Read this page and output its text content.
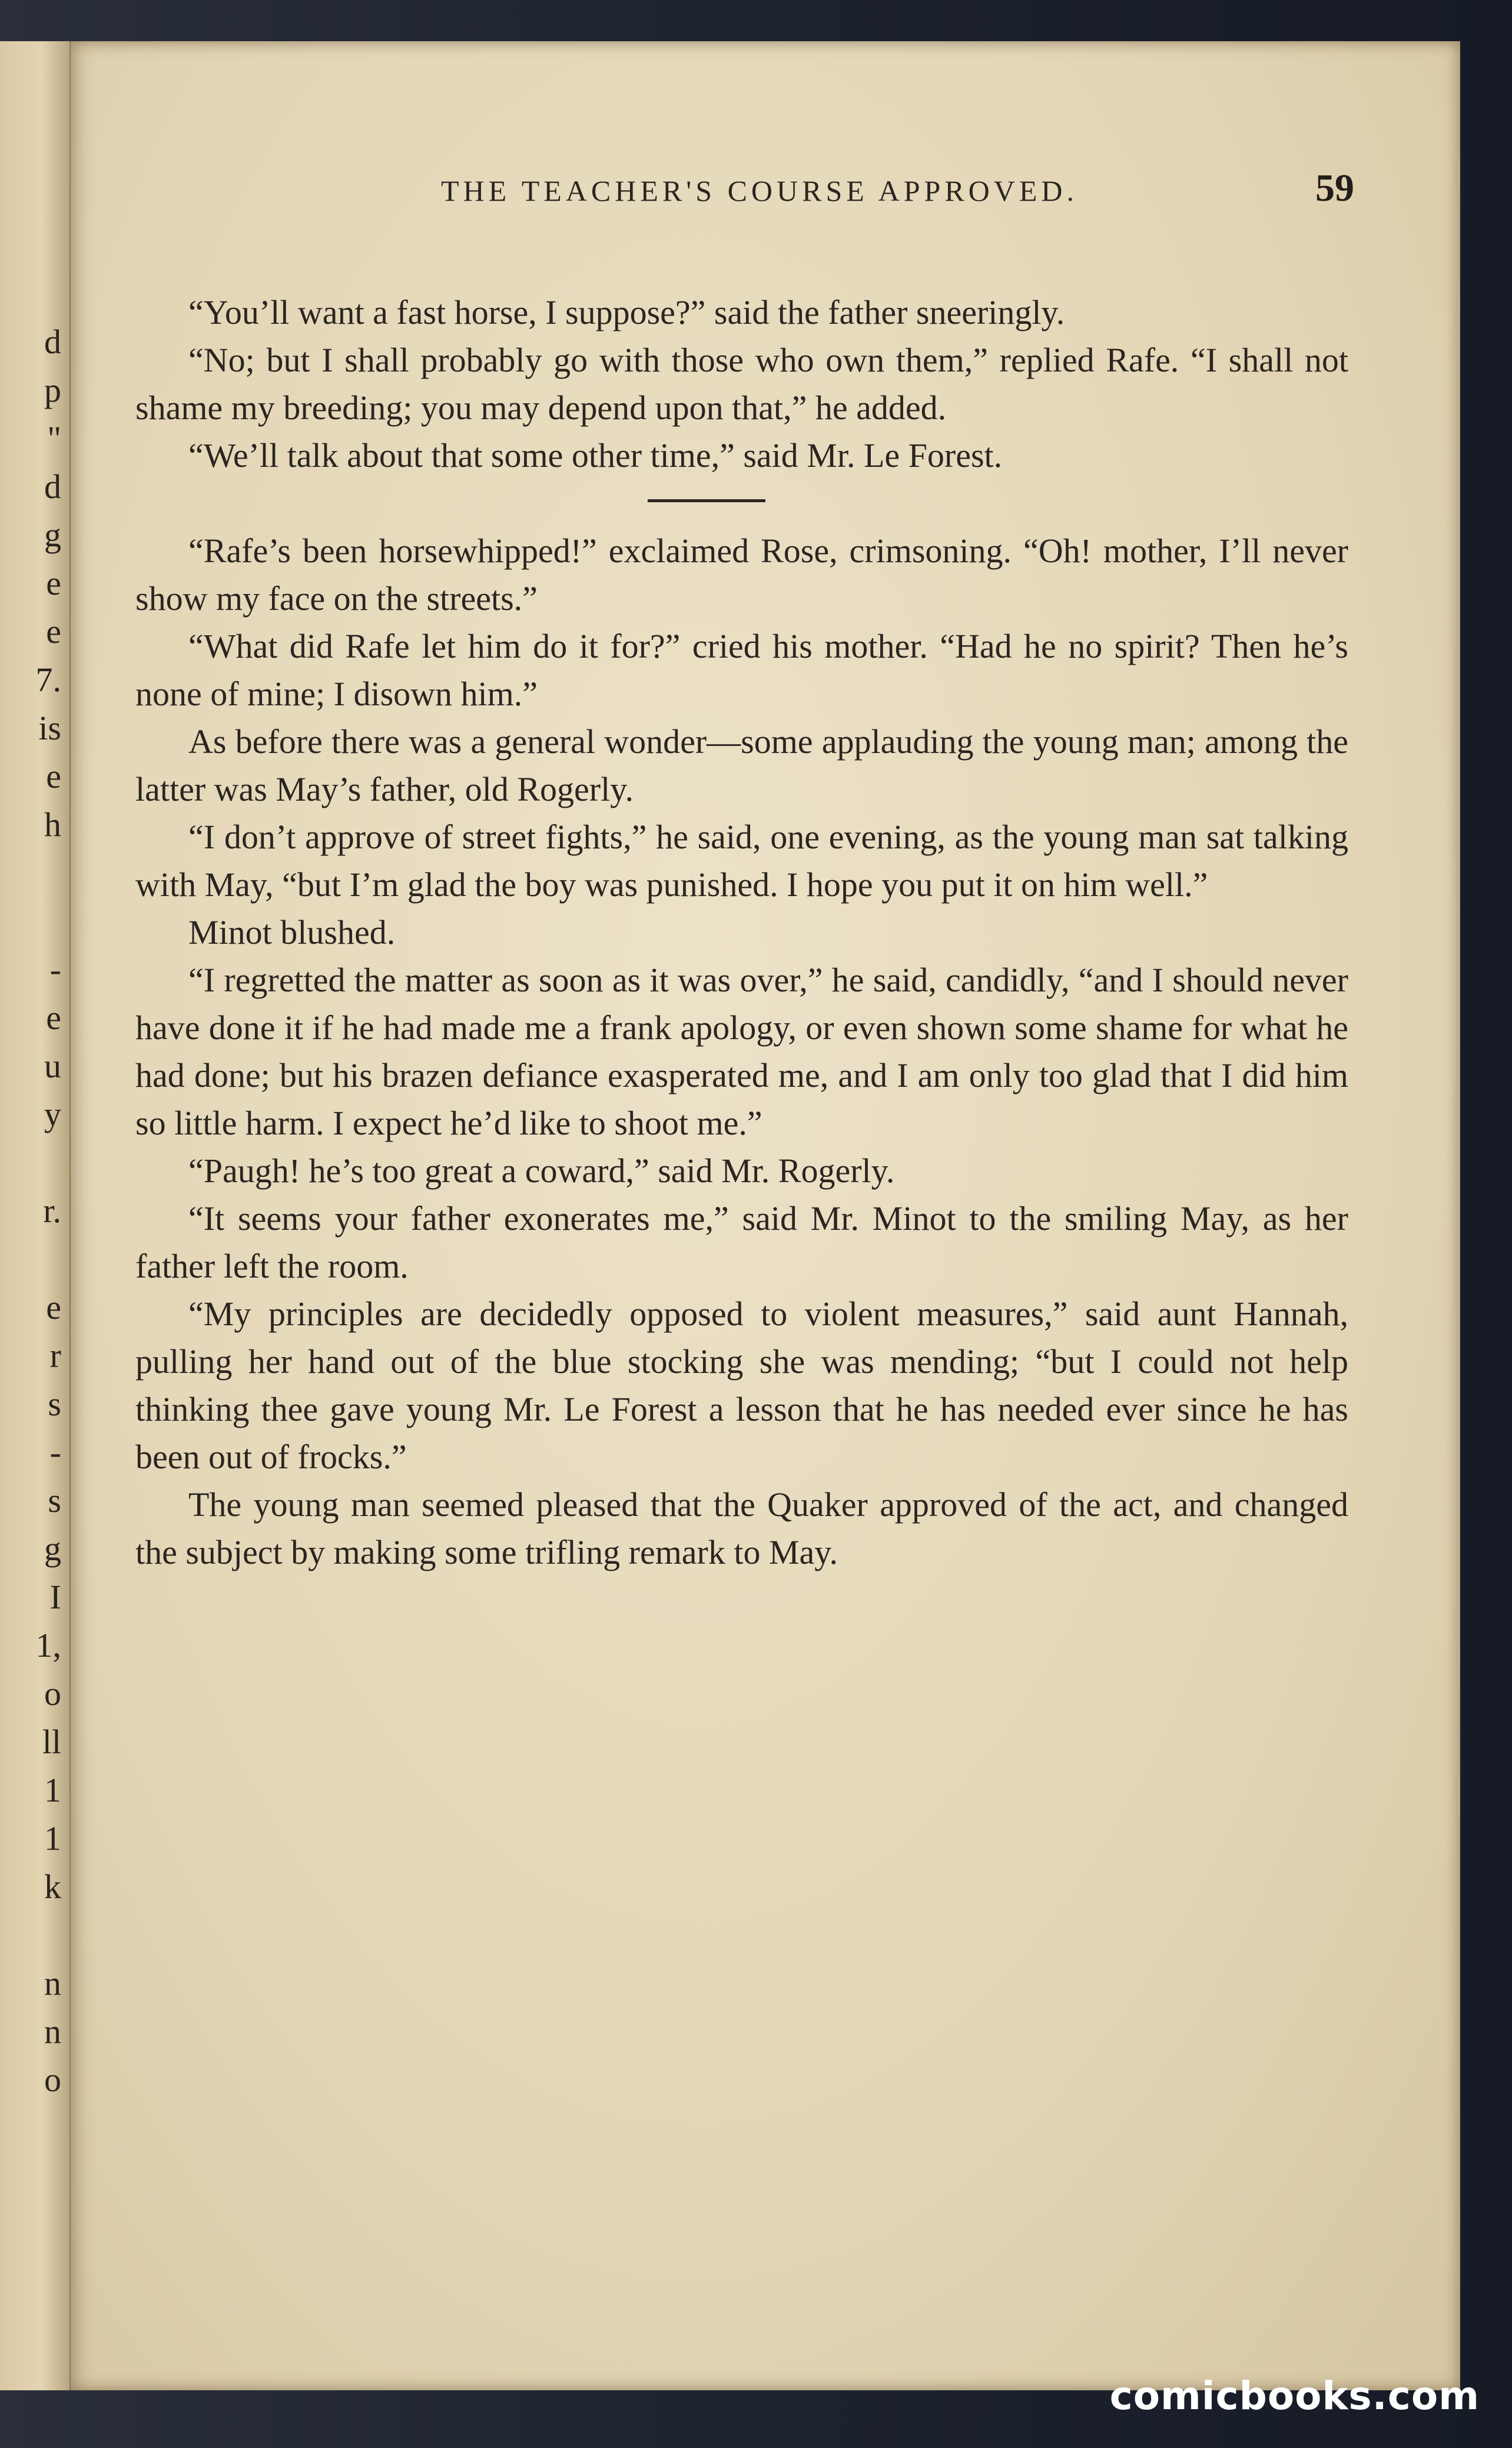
d
p
"
d
g
e
e
7.
is
e
h
-
e
u
y
r.
e
r
s
-
s
g
I
1,
o
ll
1
1
k
n
n
o
THE TEACHER'S COURSE APPROVED.	59

“You’ll want a fast horse, I suppose?” said the father sneeringly.

“No; but I shall probably go with those who own them,” replied Rafe. “I shall not shame my breeding; you may depend upon that,” he added.

“We’ll talk about that some other time,” said Mr. Le Forest.

“Rafe’s been horsewhipped!” exclaimed Rose, crimsoning. “Oh! mother, I’ll never show my face on the streets.”

“What did Rafe let him do it for?” cried his mother. “Had he no spirit? Then he’s none of mine; I disown him.”

As before there was a general wonder—some applauding the young man; among the latter was May’s father, old Rogerly.

“I don’t approve of street fights,” he said, one evening, as the young man sat talking with May, “but I’m glad the boy was punished. I hope you put it on him well.”

Minot blushed.

“I regretted the matter as soon as it was over,” he said, candidly, “and I should never have done it if he had made me a frank apology, or even shown some shame for what he had done; but his brazen defiance exasperated me, and I am only too glad that I did him so little harm. I expect he’d like to shoot me.”

“Paugh! he’s too great a coward,” said Mr. Rogerly.

“It seems your father exonerates me,” said Mr. Minot to the smiling May, as her father left the room.

“My principles are decidedly opposed to violent measures,” said aunt Hannah, pulling her hand out of the blue stocking she was mending; “but I could not help thinking thee gave young Mr. Le Forest a lesson that he has needed ever since he has been out of frocks.”

The young man seemed pleased that the Quaker approved of the act, and changed the subject by making some trifling remark to May.

comicbooks.com
